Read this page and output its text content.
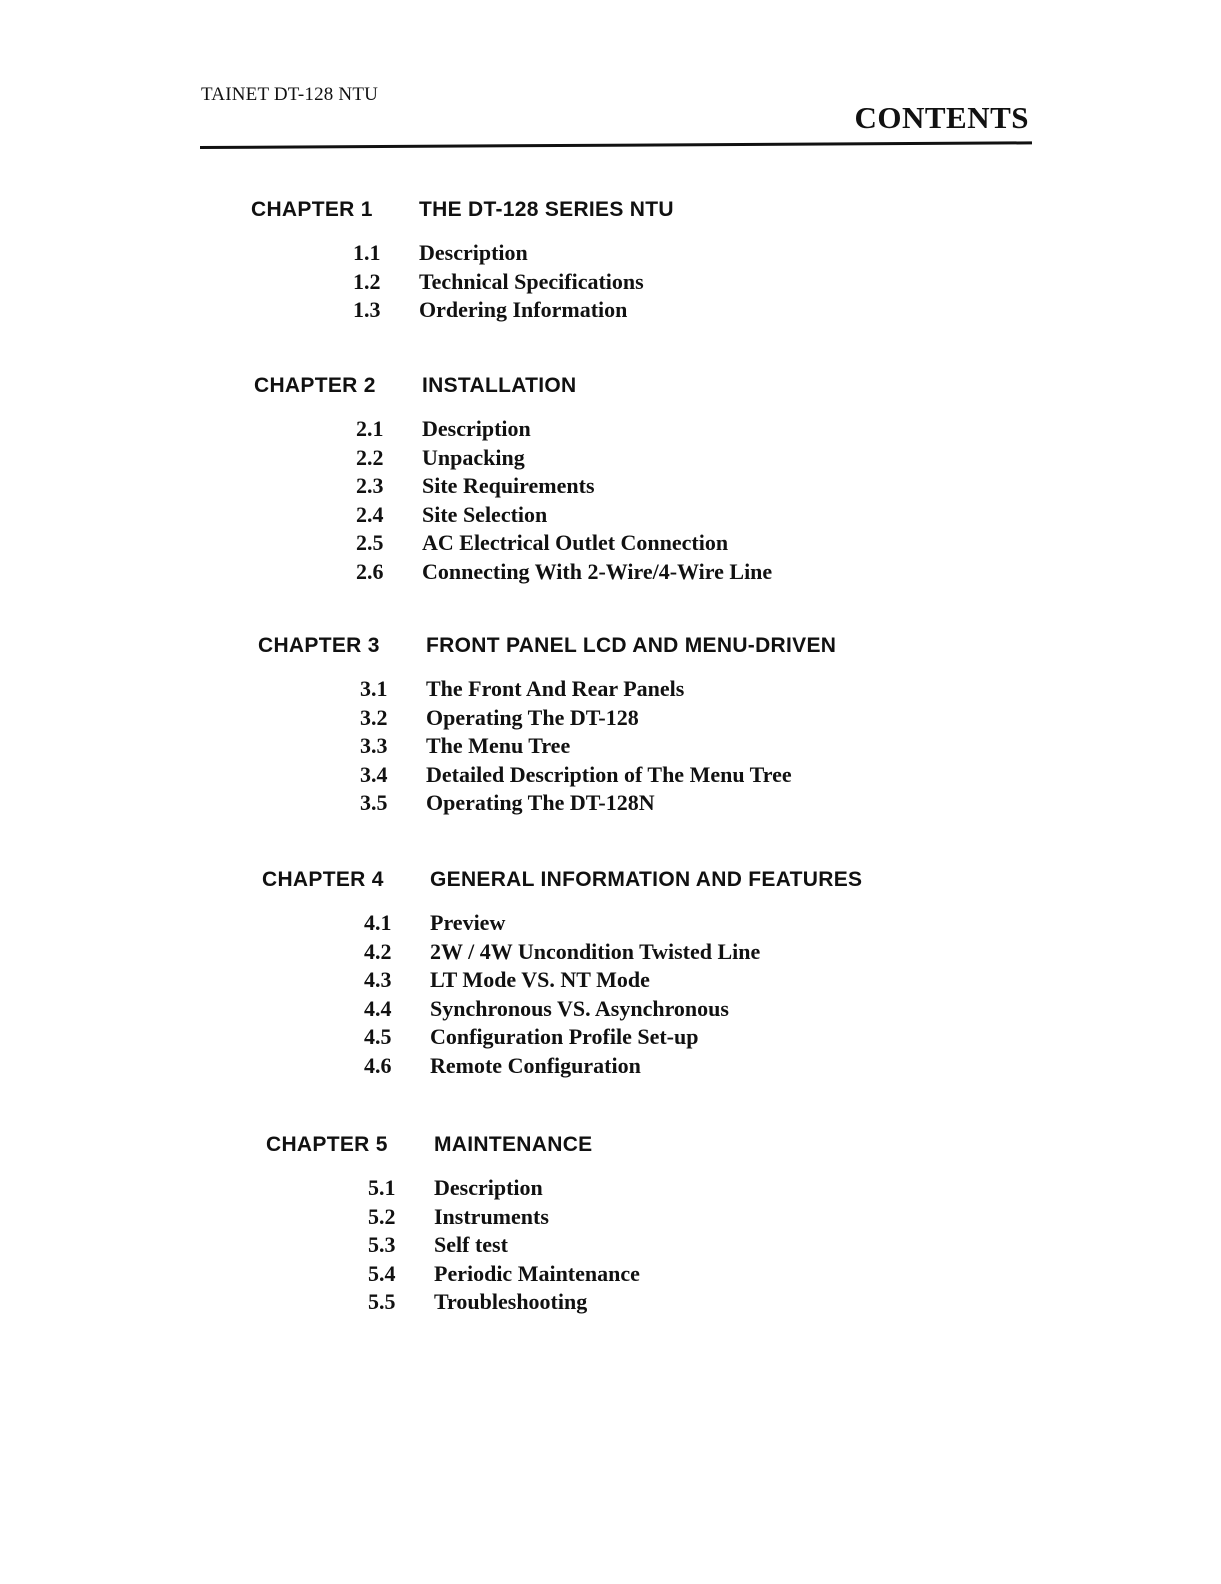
TAINET DT-128 NTU
CONTENTS
CHAPTER 1 THE DT-128 SERIES NTU
1.1 Description
1.2 Technical Specifications
1.3 Ordering Information
CHAPTER 2 INSTALLATION
2.1 Description
2.2 Unpacking
2.3 Site Requirements
2.4 Site Selection
2.5 AC Electrical Outlet Connection
2.6 Connecting With 2-Wire/4-Wire Line
CHAPTER 3 FRONT PANEL LCD AND MENU-DRIVEN
3.1 The Front And Rear Panels
3.2 Operating The DT-128
3.3 The Menu Tree
3.4 Detailed Description of The Menu Tree
3.5 Operating The DT-128N
CHAPTER 4 GENERAL INFORMATION AND FEATURES
4.1 Preview
4.2 2W / 4W Uncondition Twisted Line
4.3 LT Mode VS. NT Mode
4.4 Synchronous VS. Asynchronous
4.5 Configuration Profile Set-up
4.6 Remote Configuration
CHAPTER 5 MAINTENANCE
5.1 Description
5.2 Instruments
5.3 Self test
5.4 Periodic Maintenance
5.5 Troubleshooting
